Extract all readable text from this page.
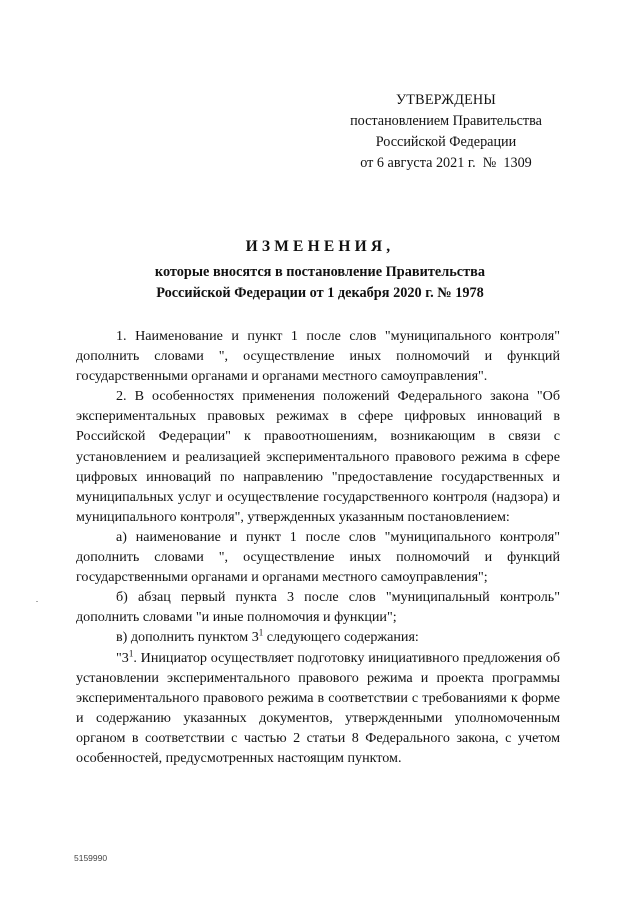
УТВЕРЖДЕНЫ
постановлением Правительства
Российской Федерации
от 6 августа 2021 г. № 1309
ИЗМЕНЕНИЯ,
которые вносятся в постановление Правительства
Российской Федерации от 1 декабря 2020 г. № 1978

1. Наименование и пункт 1 после слов "муниципального контроля" дополнить словами ", осуществление иных полномочий и функций государственными органами и органами местного самоуправления".

2. В особенностях применения положений Федерального закона "Об экспериментальных правовых режимах в сфере цифровых инноваций в Российской Федерации" к правоотношениям, возникающим в связи с установлением и реализацией экспериментального правового режима в сфере цифровых инноваций по направлению "предоставление государственных и муниципальных услуг и осуществление государственного контроля (надзора) и муниципального контроля", утвержденных указанным постановлением:

а) наименование и пункт 1 после слов "муниципального контроля" дополнить словами ", осуществление иных полномочий и функций государственными органами и органами местного самоуправления";

б) абзац первый пункта 3 после слов "муниципальный контроль" дополнить словами "и иные полномочия и функции";

в) дополнить пунктом $3^1$ следующего содержания:

"$3^1$. Инициатор осуществляет подготовку инициативного предложения об установлении экспериментального правового режима и проекта программы экспериментального правового режима в соответствии с требованиями к форме и содержанию указанных документов, утвержденными уполномоченным органом в соответствии с частью 2 статьи 8 Федерального закона, с учетом особенностей, предусмотренных настоящим пунктом.

5159990
